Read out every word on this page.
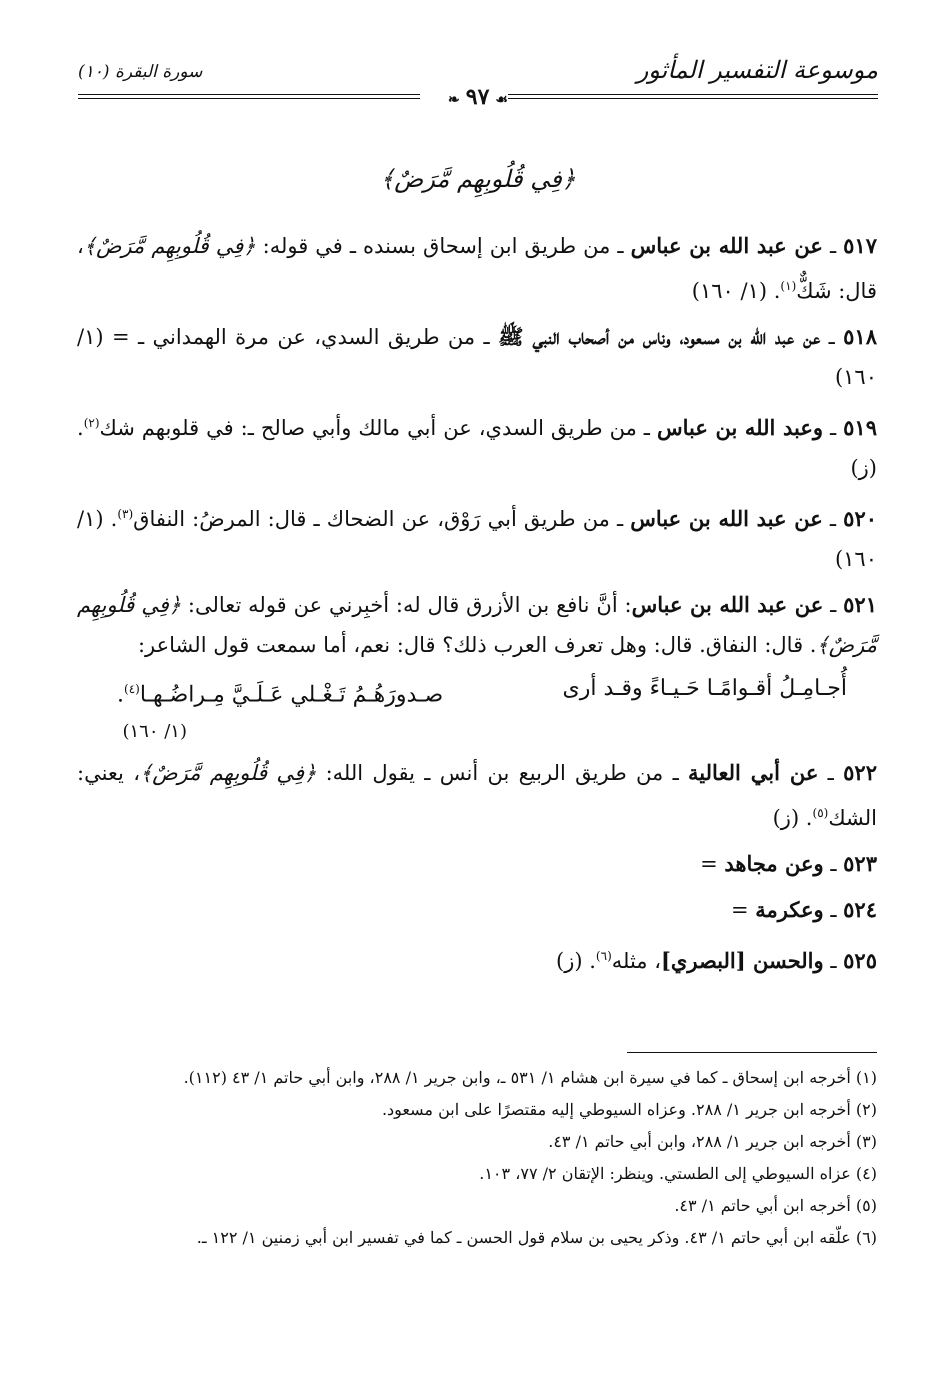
موسوعة التفسير المأثور
سورة البقرة (١٠)
❧ ٩٧ ☙
﴿فِي قُلُوبِهِم مَّرَضٌ﴾

٥١٧ ـ عن عبد الله بن عباس ـ من طريق ابن إسحاق بسنده ـ في قوله: ﴿فِي قُلُوبِهِم مَّرَضٌ﴾، قال: شَكٌّ$^{(١)}$. (١/ ١٦٠)

٥١٨ ـ عن عبد الله بن مسعود، وناس من أصحاب النبي ﷺ ـ من طريق السدي، عن مرة الهمداني ـ = (١/ ١٦٠)

٥١٩ ـ وعبد الله بن عباس ـ من طريق السدي، عن أبي مالك وأبي صالح ـ: في قلوبهم شك$^{(٢)}$. (ز)

٥٢٠ ـ عن عبد الله بن عباس ـ من طريق أبي رَوْق، عن الضحاك ـ قال: المرضُ: النفاق$^{(٣)}$. (١/ ١٦٠)

٥٢١ ـ عن عبد الله بن عباس: أنَّ نافع بن الأزرق قال له: أخبِرني عن قوله تعالى: ﴿فِي قُلُوبِهِم مَّرَضٌ﴾. قال: النفاق. قال: وهل تعرف العرب ذلك؟ قال: نعم، أما سمعت قول الشاعر:
أُجـامِـلُ أقـوامًـا حَـيـاءً وقـد أرى
صـدورَهُـمُ تَـغْـلي عَـلَـيَّ مِـراضُـهـا$^{(٤)}$.
(١/ ١٦٠)

٥٢٢ ـ عن أبي العالية ـ من طريق الربيع بن أنس ـ يقول الله: ﴿فِي قُلُوبِهِم مَّرَضٌ﴾، يعني: الشك$^{(٥)}$. (ز)

٥٢٣ ـ وعن مجاهد =

٥٢٤ ـ وعكرمة =

٥٢٥ ـ والحسن [البصري]، مثله$^{(٦)}$. (ز)

(١) أخرجه ابن إسحاق ـ كما في سيرة ابن هشام ١/ ٥٣١ ـ، وابن جرير ١/ ٢٨٨، وابن أبي حاتم ١/ ٤٣ (١١٢).

(٢) أخرجه ابن جرير ١/ ٢٨٨. وعزاه السيوطي إليه مقتصرًا على ابن مسعود.

(٣) أخرجه ابن جرير ١/ ٢٨٨، وابن أبي حاتم ١/ ٤٣.

(٤) عزاه السيوطي إلى الطستي. وينظر: الإتقان ٢/ ٧٧، ١٠٣.

(٥) أخرجه ابن أبي حاتم ١/ ٤٣.

(٦) علّقه ابن أبي حاتم ١/ ٤٣. وذكر يحيى بن سلام قول الحسن ـ كما في تفسير ابن أبي زمنين ١/ ١٢٢ ـ.
